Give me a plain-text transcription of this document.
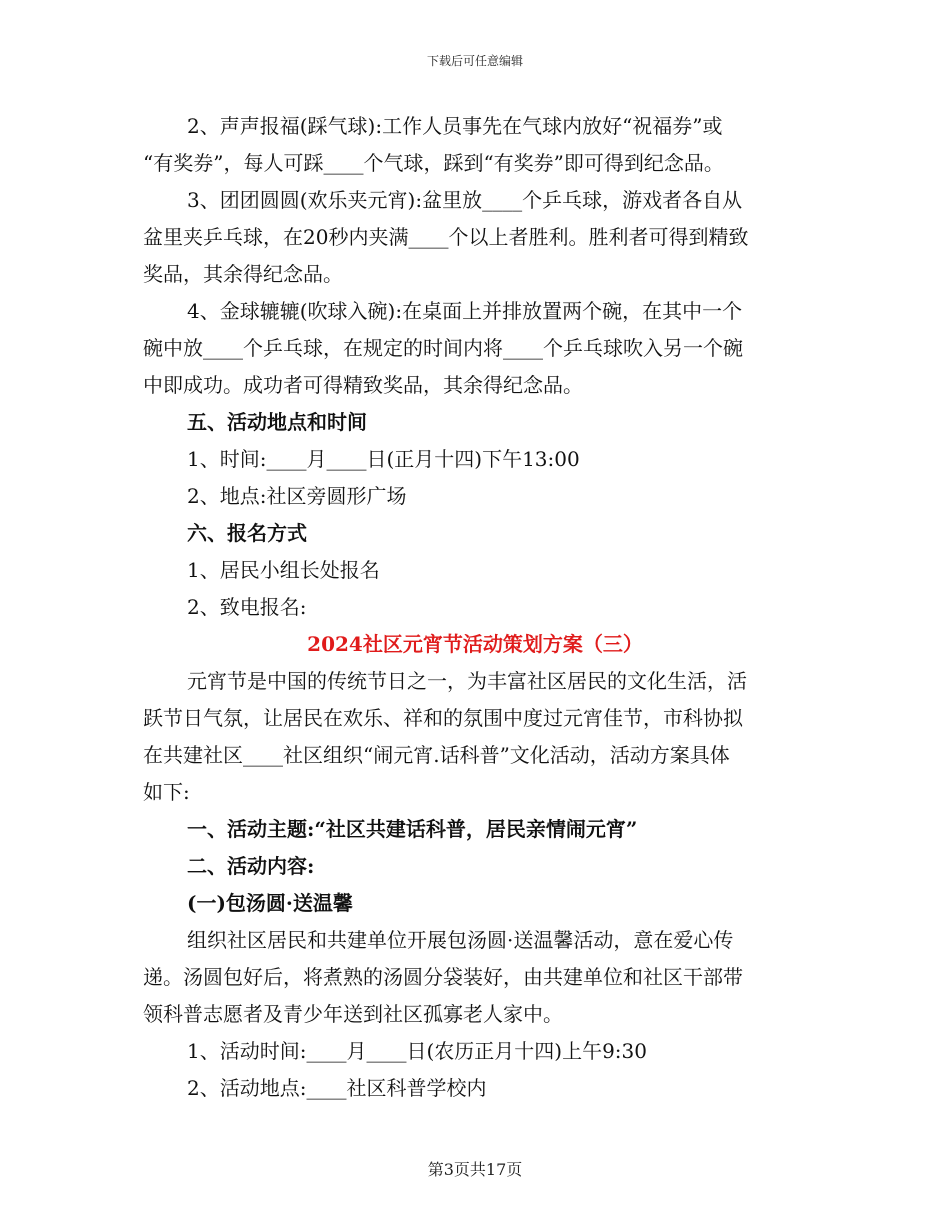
下载后可任意编辑
2、声声报福(踩气球):工作人员事先在气球内放好“祝福券”或
“有奖券”，每人可踩____个气球，踩到“有奖券”即可得到纪念品。
3、团团圆圆(欢乐夹元宵):盆里放____个乒乓球，游戏者各自从
盆里夹乒乓球，在20秒内夹满____个以上者胜利。胜利者可得到精致
奖品，其余得纪念品。
4、金球辘辘(吹球入碗):在桌面上并排放置两个碗，在其中一个
碗中放____个乒乓球，在规定的时间内将____个乒乓球吹入另一个碗
中即成功。成功者可得精致奖品，其余得纪念品。
五、活动地点和时间
1、时间:____月____日(正月十四)下午13:00
2、地点:社区旁圆形广场
六、报名方式
1、居民小组长处报名
2、致电报名:
2024社区元宵节活动策划方案（三）
元宵节是中国的传统节日之一，为丰富社区居民的文化生活，活
跃节日气氛，让居民在欢乐、祥和的氛围中度过元宵佳节，市科协拟
在共建社区____社区组织“闹元宵.话科普”文化活动，活动方案具体
如下:
一、活动主题:“社区共建话科普，居民亲情闹元宵”
二、活动内容:
(一)包汤圆·送温馨
组织社区居民和共建单位开展包汤圆·送温馨活动，意在爱心传
递。汤圆包好后，将煮熟的汤圆分袋装好，由共建单位和社区干部带
领科普志愿者及青少年送到社区孤寡老人家中。
1、活动时间:____月____日(农历正月十四)上午9:30
2、活动地点:____社区科普学校内
第3页共17页
